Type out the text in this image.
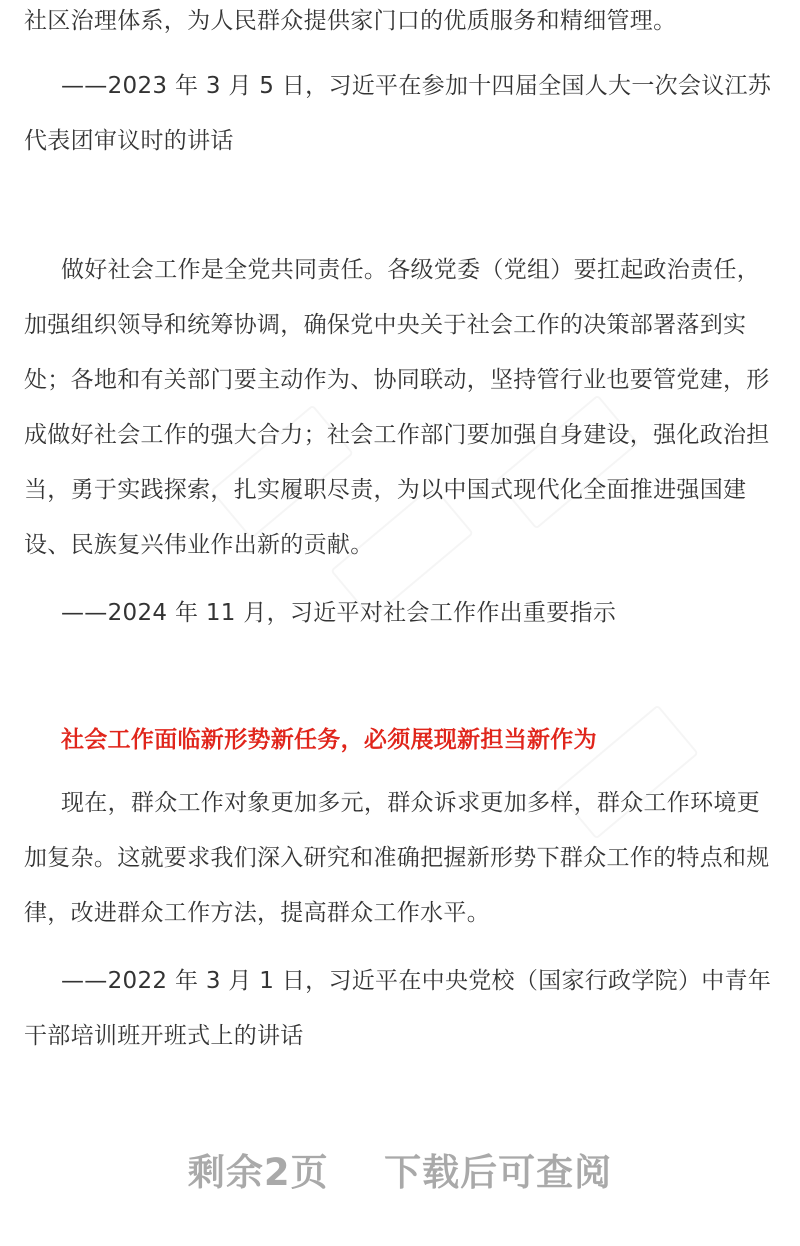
社区治理体系，为人民群众提供家门口的优质服务和精细管理。

——2023 年 3 月 5 日，习近平在参加十四届全国人大一次会议江苏代表团审议时的讲话

做好社会工作是全党共同责任。各级党委（党组）要扛起政治责任，加强组织领导和统筹协调，确保党中央关于社会工作的决策部署落到实处；各地和有关部门要主动作为、协同联动，坚持管行业也要管党建，形成做好社会工作的强大合力；社会工作部门要加强自身建设，强化政治担当，勇于实践探索，扎实履职尽责，为以中国式现代化全面推进强国建设、民族复兴伟业作出新的贡献。

——2024 年 11 月，习近平对社会工作作出重要指示

社会工作面临新形势新任务，必须展现新担当新作为

现在，群众工作对象更加多元，群众诉求更加多样，群众工作环境更加复杂。这就要求我们深入研究和准确把握新形势下群众工作的特点和规律，改进群众工作方法，提高群众工作水平。

——2022 年 3 月 1 日，习近平在中央党校（国家行政学院）中青年干部培训班开班式上的讲话

剩余2页    下载后可查阅
